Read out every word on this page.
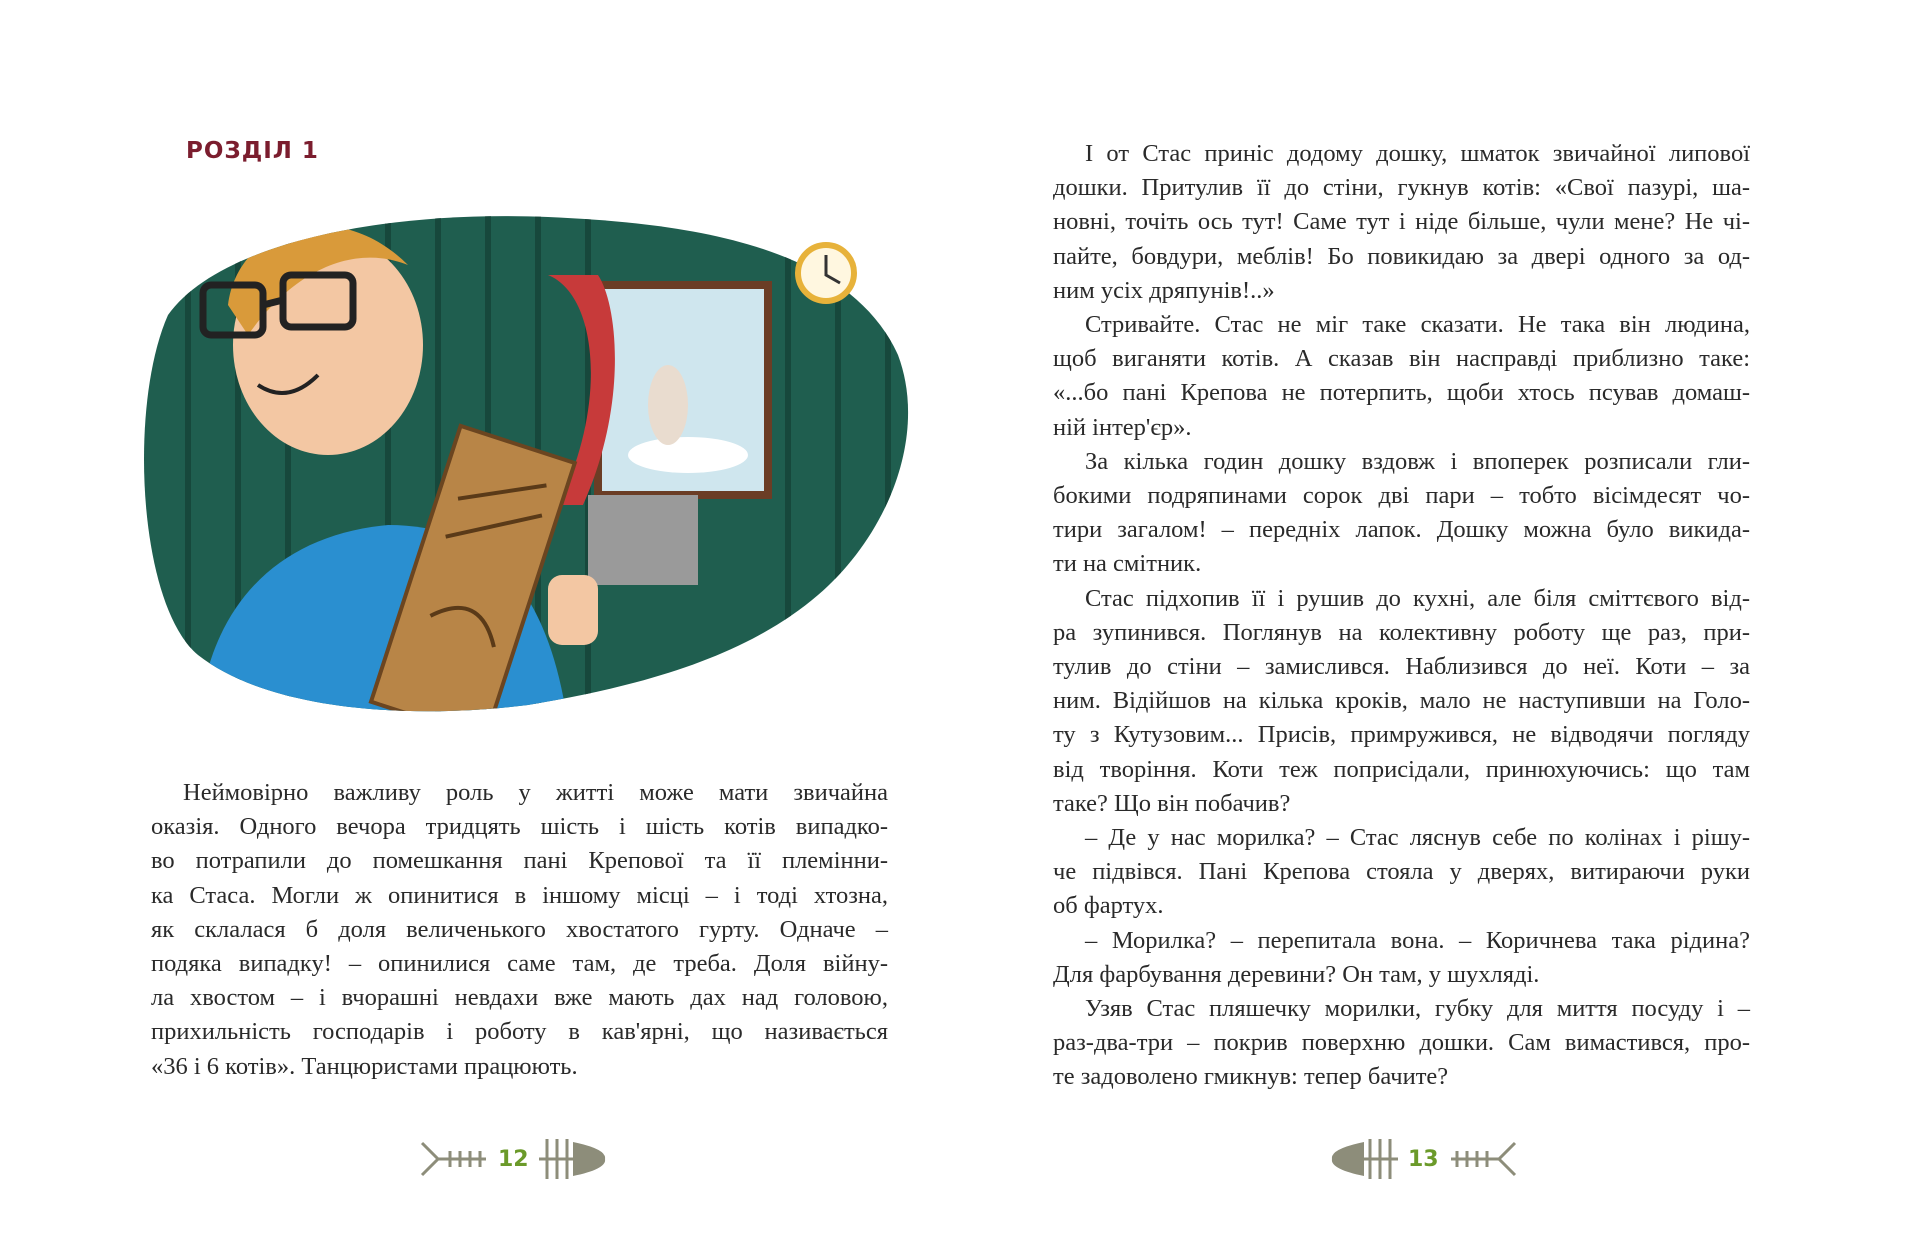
РОЗДІЛ 1
Неймовірно важливу роль у житті може мати звичайна
оказія. Одного вечора тридцять шість і шість котів випадко-
во потрапили до помешкання пані Крепової та її племінни-
ка Стаса. Могли ж опинитися в іншому місці – і тоді хтозна,
як склалася б доля величенького хвостатого гурту. Одначе –
подяка випадку! – опинилися саме там, де треба. Доля війну-
ла хвостом – і вчорашні невдахи вже мають дах над головою,
прихильність господарів і роботу в кав'ярні, що називається
«36 і 6 котів». Танцюристами працюють.
12
І от Стас приніс додому дошку, шматок звичайної липової
дошки. Притулив її до стіни, гукнув котів: «Свої пазурі, ша-
новні, точіть ось тут! Саме тут і ніде більше, чули мене? Не чі-
пайте, бовдури, меблів! Бо повикидаю за двері одного за од-
ним усіх дряпунів!..»
Стривайте. Стас не міг таке сказати. Не така він людина,
щоб виганяти котів. А сказав він насправді приблизно таке:
«...бо пані Крепова не потерпить, щоби хтось псував домаш-
ній інтер'єр».
За кілька годин дошку вздовж і впоперек розписали гли-
бокими подряпинами сорок дві пари – тобто вісімдесят чо-
тири загалом! – передніх лапок. Дошку можна було викида-
ти на смітник.
Стас підхопив її і рушив до кухні, але біля сміттєвого від-
ра зупинився. Поглянув на колективну роботу ще раз, при-
тулив до стіни – замислився. Наблизився до неї. Коти – за
ним. Відійшов на кілька кроків, мало не наступивши на Голо-
ту з Кутузовим... Присів, примружився, не відводячи погляду
від творіння. Коти теж поприсідали, принюхуючись: що там
таке? Що він побачив?
– Де у нас морилка? – Стас ляснув себе по колінах і рішу-
че підвівся. Пані Крепова стояла у дверях, витираючи руки
об фартух.
– Морилка? – перепитала вона. – Коричнева така рідина?
Для фарбування деревини? Он там, у шухляді.
Узяв Стас пляшечку морилки, губку для миття посуду і –
раз-два-три – покрив поверхню дошки. Сам вимастився, про-
те задоволено гмикнув: тепер бачите?
13
